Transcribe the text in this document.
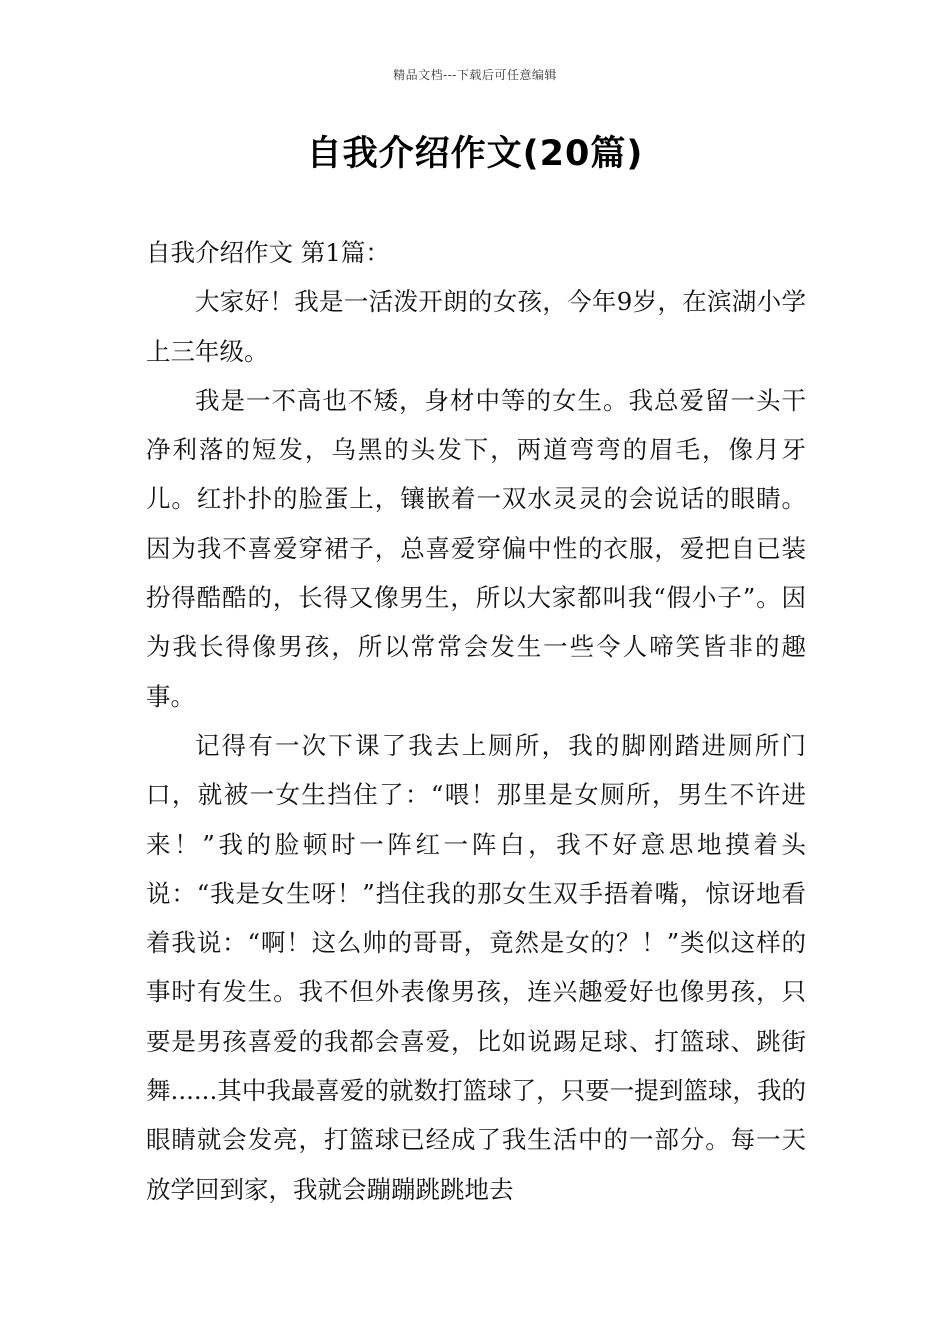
精品文档---下载后可任意编辑
自我介绍作文(20篇)

自我介绍作文 第1篇：

大家好！我是一活泼开朗的女孩，今年9岁，在滨湖小学上三年级。

我是一不高也不矮，身材中等的女生。我总爱留一头干净利落的短发，乌黑的头发下，两道弯弯的眉毛，像月牙儿。红扑扑的脸蛋上，镶嵌着一双水灵灵的会说话的眼睛。因为我不喜爱穿裙子，总喜爱穿偏中性的衣服，爱把自已装扮得酷酷的，长得又像男生，所以大家都叫我“假小子”。因为我长得像男孩，所以常常会发生一些令人啼笑皆非的趣事。

记得有一次下课了我去上厕所，我的脚刚踏进厕所门口，就被一女生挡住了：“喂！那里是女厕所，男生不许进来！”我的脸顿时一阵红一阵白，我不好意思地摸着头说：“我是女生呀！”挡住我的那女生双手捂着嘴，惊讶地看着我说：“啊！这么帅的哥哥，竟然是女的？！”类似这样的事时有发生。我不但外表像男孩，连兴趣爱好也像男孩，只要是男孩喜爱的我都会喜爱，比如说踢足球、打篮球、跳街舞......其中我最喜爱的就数打篮球了，只要一提到篮球，我的眼睛就会发亮，打篮球已经成了我生活中的一部分。每一天放学回到家，我就会蹦蹦跳跳地去
